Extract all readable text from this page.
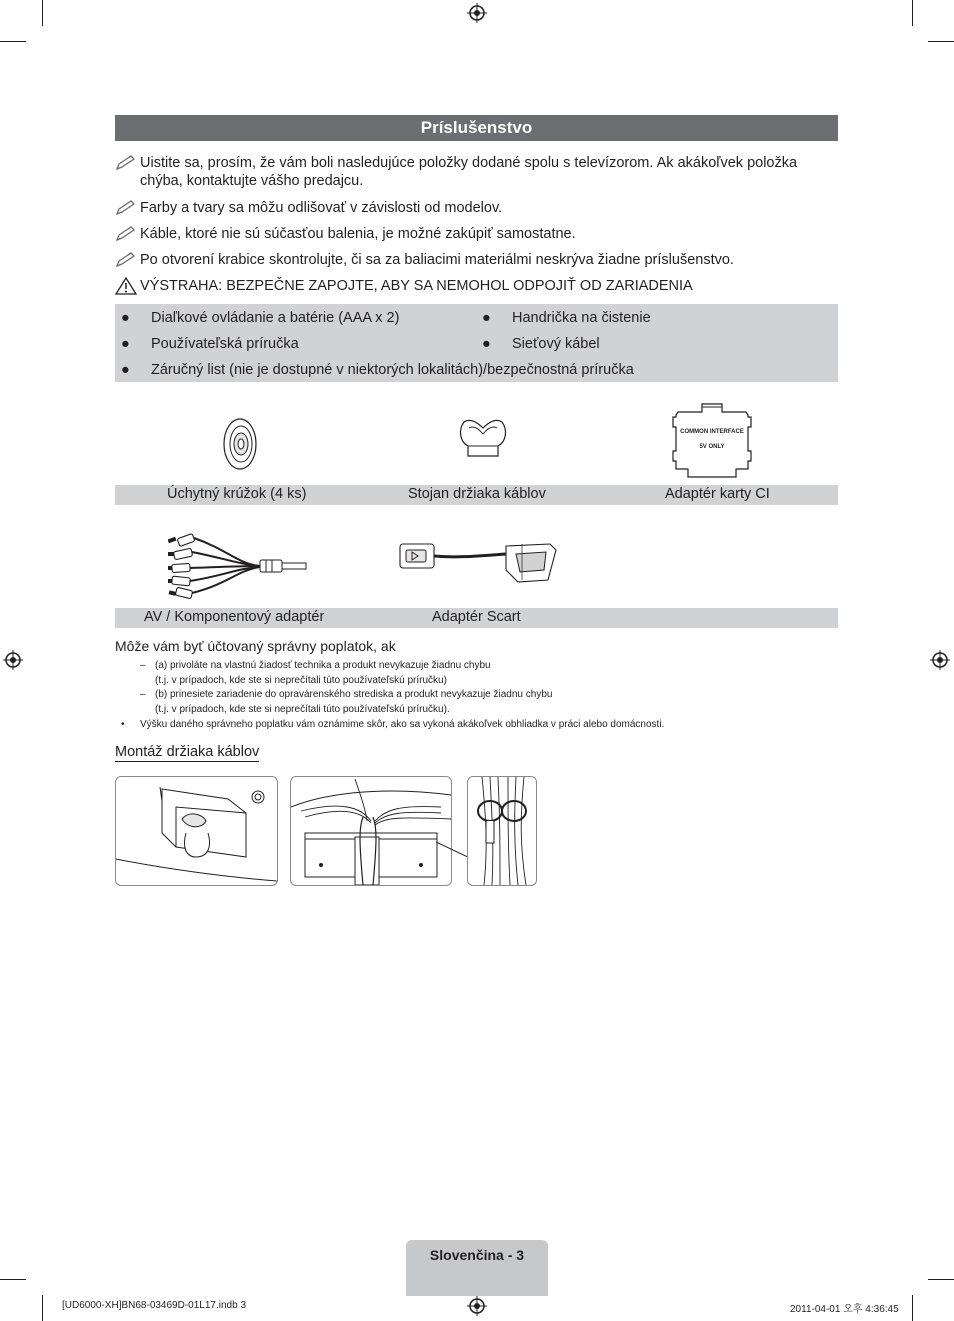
Príslušenstvo
Uistite sa, prosím, že vám boli nasledujúce položky dodané spolu s televízorom. Ak akákoľvek položka
chýba, kontaktujte vášho predajcu.
Farby a tvary sa môžu odlišovať v závislosti od modelov.
Káble, ktoré nie sú súčasťou balenia, je možné zakúpiť samostatne.
Po otvorení krabice skontrolujte, či sa za baliacimi materiálmi neskrýva žiadne príslušenstvo.
VÝSTRAHA: BEZPEČNE ZAPOJTE, ABY SA NEMOHOL ODPOJIŤ OD ZARIADENIA
● Diaľkové ovládanie a batérie (AAA x 2)	● Handrička na čistenie
● Používateľská príručka	● Sieťový kábel
● Záručný list (nie je dostupné v niektorých lokalitách)/bezpečnostná príručka
COMMON INTERFACE
5V ONLY
Úchytný krúžok (4 ks)	Stojan držiaka káblov	Adaptér karty CI
AV / Komponentový adaptér	Adaptér Scart
Môže vám byť účtovaný správny poplatok, ak
– (a) privoláte na vlastnú žiadosť technika a produkt nevykazuje žiadnu chybu
(t.j. v prípadoch, kde ste si neprečítali túto používateľskú príručku)
– (b) prinesiete zariadenie do opravárenského strediska a produkt nevykazuje žiadnu chybu
(t.j. v prípadoch, kde ste si neprečítali túto používateľskú príručku).
• Výšku daného správneho poplatku vám oznámime skôr, ako sa vykoná akákoľvek obhliadka v práci alebo domácnosti.
Montáž držiaka káblov
Slovenčina - 3
[UD6000-XH]BN68-03469D-01L17.indb 3	2011-04-01 오후 4:36:45
